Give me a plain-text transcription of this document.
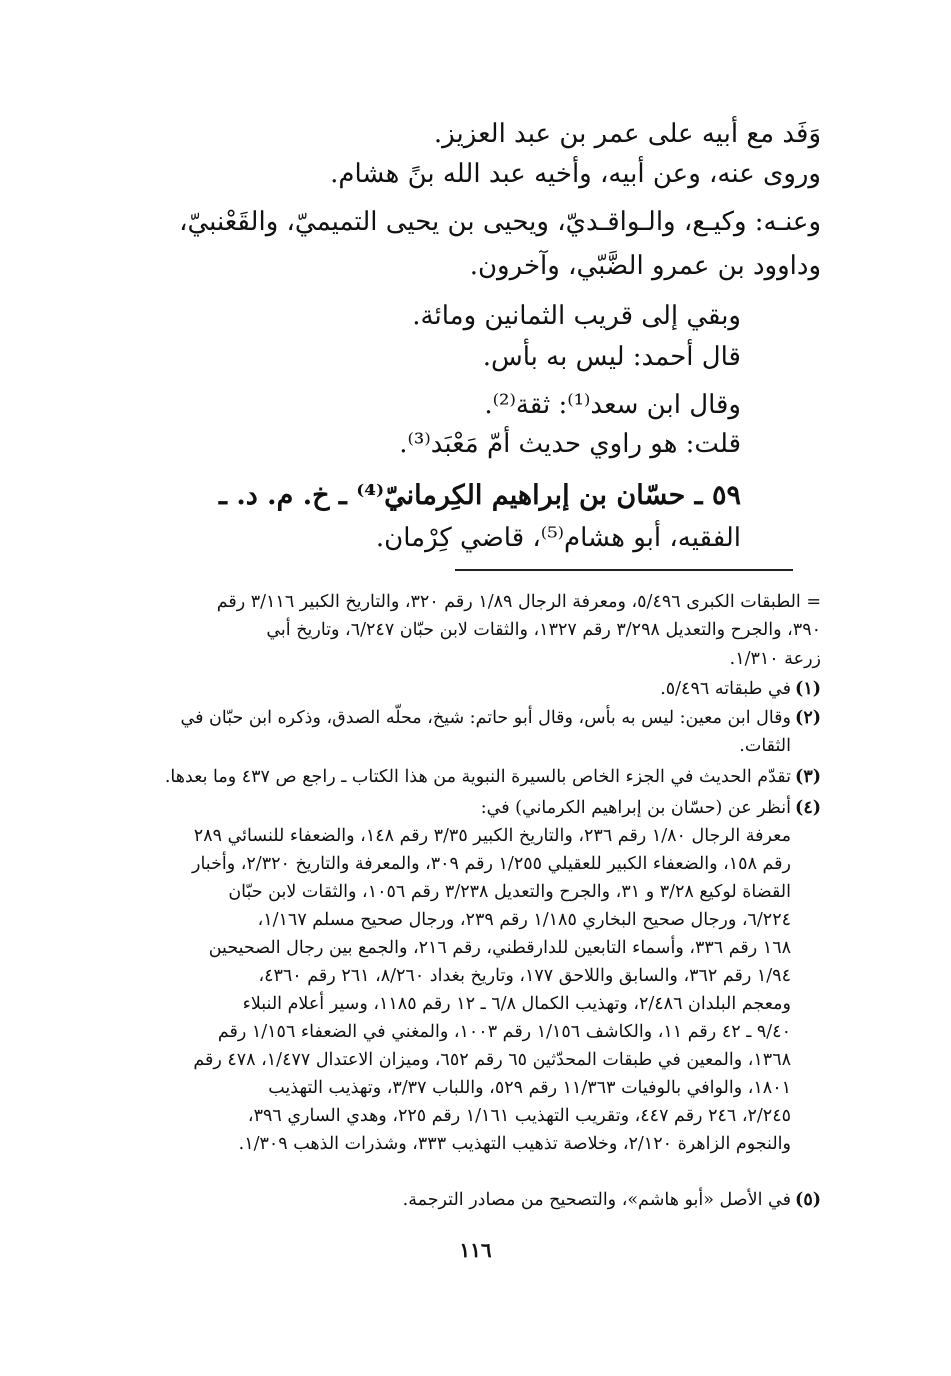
وَفَد مع أبيه على عمر بن عبد العزيز.
وروى عنه، وعن أبيه، وأخيه عبد الله بنً هشام.
وعنـه: وكيـع، والـواقـديّ، ويحيى بن يحيى التميميّ، والقَعْنبيّ،
وداوود بن عمرو الضَّبّي، وآخرون.
وبقي إلى قريب الثمانين ومائة.
قال أحمد: ليس به بأس.
وقال ابن سعد⁽¹⁾: ثقة⁽²⁾.
قلت: هو راوي حديث أمّ مَعْبَد⁽³⁾.
٥٩ ـ حسّان بن إبراهيم الكِرمانيّ⁽⁴⁾ ـ خ. م. د. ـ
الفقيه، أبو هشام⁽⁵⁾، قاضي كِرْمان.
= الطبقات الكبرى ٥/٤٩٦، ومعرفة الرجال ١/٨٩ رقم ٣٢٠، والتاريخ الكبير ٣/١١٦ رقم
٣٩٠، والجرح والتعديل ٣/٢٩٨ رقم ١٣٢٧، والثقات لابن حبّان ٦/٢٤٧، وتاريخ أبي
زرعة ١/٣١٠.
(١)
في طبقاته ٥/٤٩٦.
(٢)
وقال ابن معين: ليس به بأس، وقال أبو حاتم: شيخ، محلّه الصدق، وذكره ابن حبّان في
الثقات.
(٣)
تقدّم الحديث في الجزء الخاص بالسيرة النبوية من هذا الكتاب ـ راجع ص ٤٣٧ وما بعدها.
(٤)
أنظر عن (حسّان بن إبراهيم الكرماني) في:
معرفة الرجال ١/٨٠ رقم ٢٣٦، والتاريخ الكبير ٣/٣٥ رقم ١٤٨، والضعفاء للنسائي ٢٨٩
رقم ١٥٨، والضعفاء الكبير للعقيلي ١/٢٥٥ رقم ٣٠٩، والمعرفة والتاريخ ٢/٣٢٠، وأخبار
القضاة لوكيع ٣/٢٨ و ٣١، والجرح والتعديل ٣/٢٣٨ رقم ١٠٥٦، والثقات لابن حبّان
٦/٢٢٤، ورجال صحيح البخاري ١/١٨٥ رقم ٢٣٩، ورجال صحيح مسلم ١/١٦٧،
١٦٨ رقم ٣٣٦، وأسماء التابعين للدارقطني، رقم ٢١٦، والجمع بين رجال الصحيحين
١/٩٤ رقم ٣٦٢، والسابق واللاحق ١٧٧، وتاريخ بغداد ٨/٢٦٠، ٢٦١ رقم ٤٣٦٠،
ومعجم البلدان ٢/٤٨٦، وتهذيب الكمال ٦/٨ ـ ١٢ رقم ١١٨٥، وسير أعلام النبلاء
٩/٤٠ ـ ٤٢ رقم ١١، والكاشف ١/١٥٦ رقم ١٠٠٣، والمغني في الضعفاء ١/١٥٦ رقم
١٣٦٨، والمعين في طبقات المحدّثين ٦٥ رقم ٦٥٢، وميزان الاعتدال ١/٤٧٧، ٤٧٨ رقم
١٨٠١، والوافي بالوفيات ١١/٣٦٣ رقم ٥٢٩، واللباب ٣/٣٧، وتهذيب التهذيب
٢/٢٤٥، ٢٤٦ رقم ٤٤٧، وتقريب التهذيب ١/١٦١ رقم ٢٢٥، وهدي الساري ٣٩٦،
والنجوم الزاهرة ٢/١٢٠، وخلاصة تذهيب التهذيب ٣٣٣، وشذرات الذهب ١/٣٠٩.
(٥)
في الأصل «أبو هاشم»، والتصحيح من مصادر الترجمة.
١١٦
